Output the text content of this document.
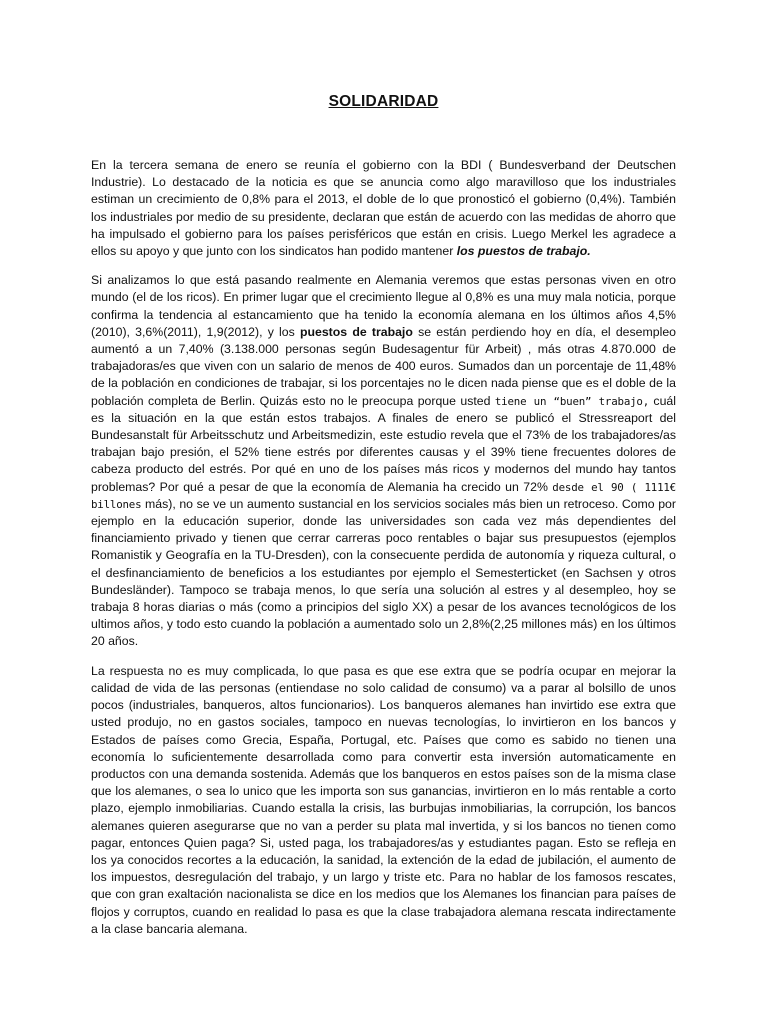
SOLIDARIDAD

En la tercera semana de enero se reunía el gobierno con la BDI ( Bundesverband der Deutschen Industrie). Lo destacado de la noticia es que se anuncia como algo maravilloso que los industriales estiman un crecimiento de 0,8% para el 2013, el doble de lo que pronosticó el gobierno (0,4%). También los industriales por medio de su presidente, declaran que están de acuerdo con las medidas de ahorro que ha impulsado el gobierno para los países perisféricos que están en crisis. Luego Merkel les agradece a ellos su apoyo y que junto con los sindicatos han podido mantener los puestos de trabajo.

Si analizamos lo que está pasando realmente en Alemania veremos que estas personas viven en otro mundo (el de los ricos). En primer lugar que el crecimiento llegue al 0,8% es una muy mala noticia, porque confirma la tendencia al estancamiento que ha tenido la economía alemana en los últimos años 4,5%(2010), 3,6%(2011), 1,9(2012), y los puestos de trabajo se están perdiendo hoy en día, el desempleo aumentó a un 7,40% (3.138.000 personas según Budesagentur für Arbeit) , más otras 4.870.000 de trabajadoras/es que viven con un salario de menos de 400 euros. Sumados dan un porcentaje de 11,48% de la población en condiciones de trabajar, si los porcentajes no le dicen nada piense que es el doble de la población completa de Berlin. Quizás esto no le preocupa porque usted tiene un “buen” trabajo, cuál es la situación en la que están estos trabajos. A finales de enero se publicó el Stressreaport del Bundesanstalt für Arbeitsschutz und Arbeitsmedizin, este estudio revela que el 73% de los trabajadores/as trabajan bajo presión, el 52% tiene estrés por diferentes causas y el 39% tiene frecuentes dolores de cabeza producto del estrés. Por qué en uno de los países más ricos y modernos del mundo hay tantos problemas? Por qué a pesar de que la economía de Alemania ha crecido un 72% desde el 90 ( 1111€ billones más), no se ve un aumento sustancial en los servicios sociales más bien un retroceso. Como por ejemplo en la educación superior, donde las universidades son cada vez más dependientes del financiamiento privado y tienen que cerrar carreras poco rentables o bajar sus presupuestos (ejemplos Romanistik y Geografía en la TU-Dresden), con la consecuente perdida de autonomía y riqueza cultural, o el desfinanciamiento de beneficios a los estudiantes por ejemplo el Semesterticket (en Sachsen y otros Bundesländer). Tampoco se trabaja menos, lo que sería una solución al estres y al desempleo, hoy se trabaja 8 horas diarias o más (como a principios del siglo XX) a pesar de los avances tecnológicos de los ultimos años, y todo esto cuando la población a aumentado solo un 2,8%(2,25 millones más) en los últimos 20 años.

La respuesta no es muy complicada, lo que pasa es que ese extra que se podría ocupar en mejorar la calidad de vida de las personas (entiendase no solo calidad de consumo) va a parar al bolsillo de unos pocos (industriales, banqueros, altos funcionarios). Los banqueros alemanes han invirtido ese extra que usted produjo, no en gastos sociales, tampoco en nuevas tecnologías, lo invirtieron en los bancos y Estados de países como Grecia, España, Portugal, etc. Países que como es sabido no tienen una economía lo suficientemente desarrollada como para convertir esta inversión automaticamente en productos con una demanda sostenida. Además que los banqueros en estos países son de la misma clase que los alemanes, o sea lo unico que les importa son sus ganancias, invirtieron en lo más rentable a corto plazo, ejemplo inmobiliarias. Cuando estalla la crisis, las burbujas inmobiliarias, la corrupción, los bancos alemanes quieren asegurarse que no van a perder su plata mal invertida, y si los bancos no tienen como pagar, entonces Quien paga? Si, usted paga, los trabajadores/as y estudiantes pagan. Esto se refleja en los ya conocidos recortes a la educación, la sanidad, la extención de la edad de jubilación, el aumento de los impuestos, desregulación del trabajo, y un largo y triste etc. Para no hablar de los famosos rescates, que con gran exaltación nacionalista se dice en los medios que los Alemanes los financian para países de flojos y corruptos, cuando en realidad lo pasa es que la clase trabajadora alemana rescata indirectamente a la clase bancaria alemana.
